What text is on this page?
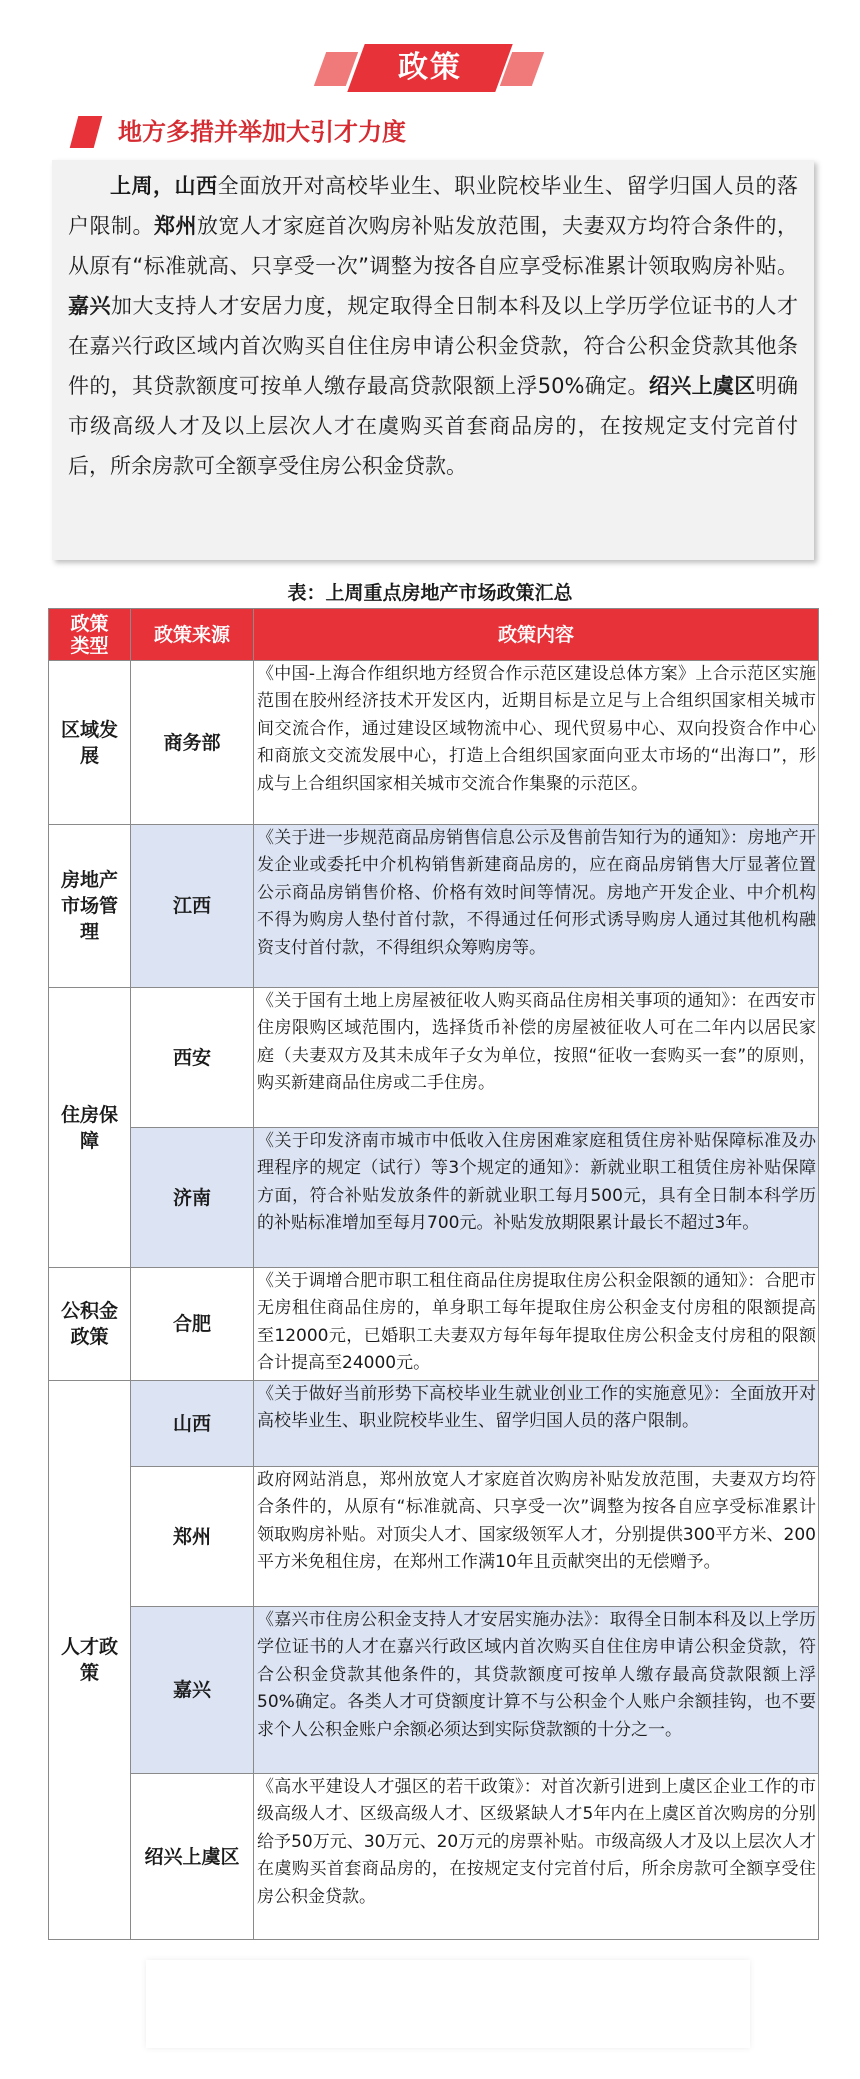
政策
地方多措并举加大引才力度

上周，山西全面放开对高校毕业生、职业院校毕业生、留学归国人员的落户限制。郑州放宽人才家庭首次购房补贴发放范围，夫妻双方均符合条件的，从原有“标准就高、只享受一次”调整为按各自应享受标准累计领取购房补贴。嘉兴加大支持人才安居力度，规定取得全日制本科及以上学历学位证书的人才在嘉兴行政区域内首次购买自住住房申请公积金贷款，符合公积金贷款其他条件的，其贷款额度可按单人缴存最高贷款限额上浮50%确定。绍兴上虞区明确市级高级人才及以上层次人才在虞购买首套商品房的，在按规定支付完首付后，所余房款可全额享受住房公积金贷款。

表：上周重点房地产市场政策汇总
政策类型	政策来源	政策内容
区域发展	商务部	《中国-上海合作组织地方经贸合作示范区建设总体方案》上合示范区实施范围在胶州经济技术开发区内，近期目标是立足与上合组织国家相关城市间交流合作，通过建设区域物流中心、现代贸易中心、双向投资合作中心和商旅文交流发展中心，打造上合组织国家面向亚太市场的“出海口”，形成与上合组织国家相关城市交流合作集聚的示范区。
房地产市场管理	江西	《关于进一步规范商品房销售信息公示及售前告知行为的通知》：房地产开发企业或委托中介机构销售新建商品房的，应在商品房销售大厅显著位置公示商品房销售价格、价格有效时间等情况。房地产开发企业、中介机构不得为购房人垫付首付款，不得通过任何形式诱导购房人通过其他机构融资支付首付款，不得组织众筹购房等。
住房保障	西安	《关于国有土地上房屋被征收人购买商品住房相关事项的通知》：在西安市住房限购区域范围内，选择货币补偿的房屋被征收人可在二年内以居民家庭（夫妻双方及其未成年子女为单位，按照“征收一套购买一套”的原则，购买新建商品住房或二手住房。
	济南	《关于印发济南市城市中低收入住房困难家庭租赁住房补贴保障标准及办理程序的规定（试行）等3个规定的通知》：新就业职工租赁住房补贴保障方面，符合补贴发放条件的新就业职工每月500元，具有全日制本科学历的补贴标准增加至每月700元。补贴发放期限累计最长不超过3年。
公积金政策	合肥	《关于调增合肥市职工租住商品住房提取住房公积金限额的通知》：合肥市无房租住商品住房的，单身职工每年提取住房公积金支付房租的限额提高至12000元，已婚职工夫妻双方每年每年提取住房公积金支付房租的限额合计提高至24000元。
人才政策	山西	《关于做好当前形势下高校毕业生就业创业工作的实施意见》：全面放开对高校毕业生、职业院校毕业生、留学归国人员的落户限制。
	郑州	政府网站消息，郑州放宽人才家庭首次购房补贴发放范围，夫妻双方均符合条件的，从原有“标准就高、只享受一次”调整为按各自应享受标准累计领取购房补贴。对顶尖人才、国家级领军人才，分别提供300平方米、200平方米免租住房，在郑州工作满10年且贡献突出的无偿赠予。
	嘉兴	《嘉兴市住房公积金支持人才安居实施办法》：取得全日制本科及以上学历学位证书的人才在嘉兴行政区域内首次购买自住住房申请公积金贷款，符合公积金贷款其他条件的，其贷款额度可按单人缴存最高贷款限额上浮50%确定。各类人才可贷额度计算不与公积金个人账户余额挂钩，也不要求个人公积金账户余额必须达到实际贷款额的十分之一。
	绍兴上虞区	《高水平建设人才强区的若干政策》：对首次新引进到上虞区企业工作的市级高级人才、区级高级人才、区级紧缺人才5年内在上虞区首次购房的分别给予50万元、30万元、20万元的房票补贴。市级高级人才及以上层次人才在虞购买首套商品房的，在按规定支付完首付后，所余房款可全额享受住房公积金贷款。
